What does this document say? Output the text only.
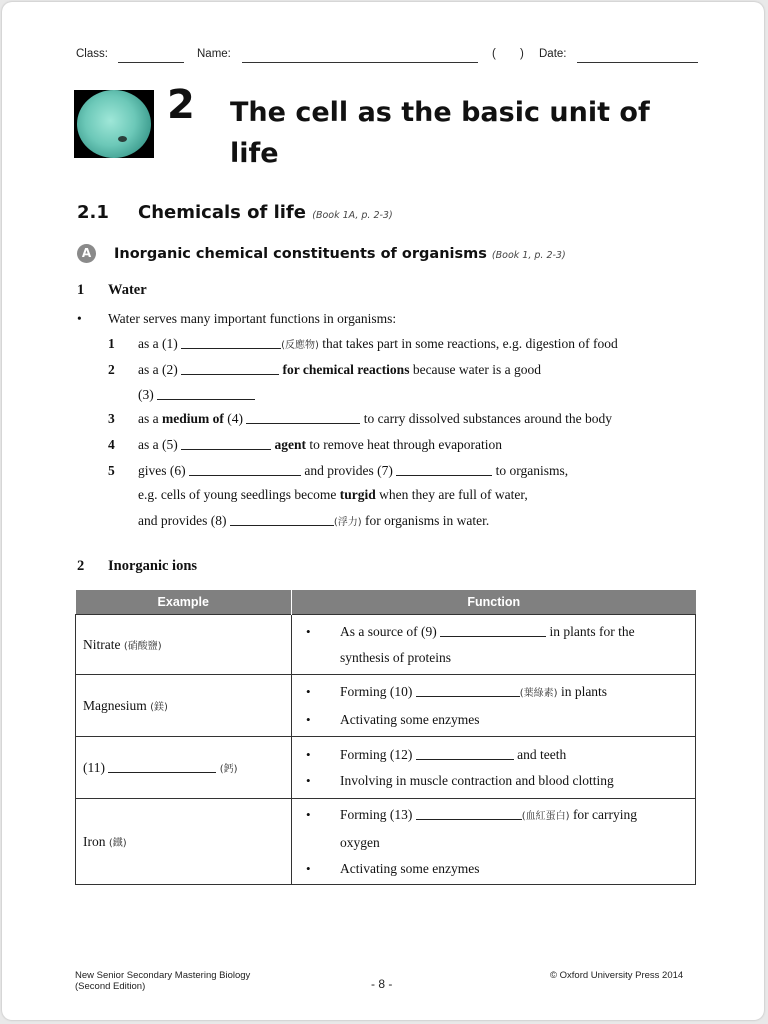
Class:	Name:	( ) Date:
2 The cell as the basic unit of life
2.1 Chemicals of life (Book 1A, p. 2-3)
A Inorganic chemical constituents of organisms (Book 1, p. 2-3)
1 Water
• Water serves many important functions in organisms:
1 as a (1)	(反應物) that takes part in some reactions, e.g. digestion of food
2 as a (2)	for chemical reactions because water is a good
(3)
3 as a medium of (4)	to carry dissolved substances around the body
4 as a (5)	agent to remove heat through evaporation
5 gives (6)	and provides (7)	to organisms,
e.g. cells of young seedlings become turgid when they are full of water,
and provides (8)	(浮力) for organisms in water.
2 Inorganic ions
Example	Function
Nitrate (硝酸鹽)	• As a source of (9) in plants for the
synthesis of proteins

Magnesium (鎂)	• Forming (10) (葉綠素) in plants
• Activating some enzymes

(11) (鈣)	• Forming (12) and teeth
• Involving in muscle contraction and blood clotting

Iron (鐵)	• Forming (13) (血紅蛋白) for carrying
oxygen
• Activating some enzymes
New Senior Secondary Mastering Biology
(Second Edition)	- 8 -
© Oxford University Press 2014
